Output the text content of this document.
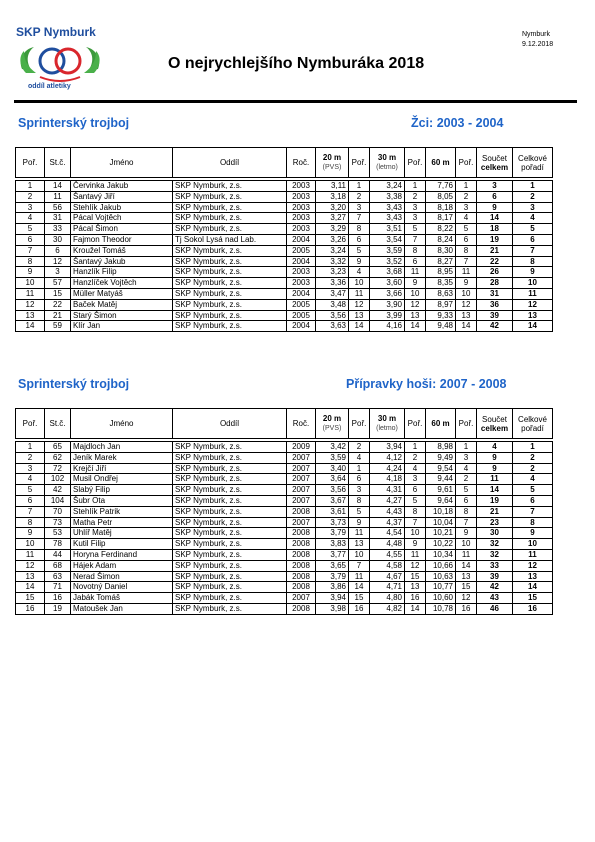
SKP Nymburk
oddíl atletiky
Nymburk
9.12.2018
O nejrychlejšího Nymburáka 2018
Sprinterský trojboj	Žci: 2003 - 2004
Poř.	St.č.	Jméno	Oddíl	Roč.	20 m
(PVS)	Poř.	30 m
(letmo)	Poř.	60 m	Poř.	Součet
celkem	Celkové
pořadí

1	14	Červinka Jakub	SKP Nymburk, z.s.	2003	3,11	1	3,24	1	7,76	1	3	1
2	11	Šantavý Jiří	SKP Nymburk, z.s.	2003	3,18	2	3,38	2	8,05	2	6	2
3	56	Stehlík Jakub	SKP Nymburk, z.s.	2003	3,20	3	3,43	3	8,18	3	9	3
4	31	Pácal Vojtěch	SKP Nymburk, z.s.	2003	3,27	7	3,43	3	8,17	4	14	4
5	33	Pácal Šimon	SKP Nymburk, z.s.	2003	3,29	8	3,51	5	8,22	5	18	5
6	30	Fajmon Theodor	Tj Sokol Lysá nad Lab.	2004	3,26	6	3,54	7	8,24	6	19	6
7	6	Kroužel Tomáš	SKP Nymburk, z.s.	2005	3,24	5	3,59	8	8,30	8	21	7
8	12	Šantavý Jakub	SKP Nymburk, z.s.	2004	3,32	9	3,52	6	8,27	7	22	8
9	3	Hanzlík Filip	SKP Nymburk, z.s.	2003	3,23	4	3,68	11	8,95	11	26	9
10	57	Hanzlíček Vojtěch	SKP Nymburk, z.s.	2003	3,36	10	3,60	9	8,35	9	28	10
11	15	Müller Matyáš	SKP Nymburk, z.s.	2004	3,47	11	3,66	10	8,63	10	31	11
12	22	Baček Matěj	SKP Nymburk, z.s.	2005	3,48	12	3,90	12	8,97	12	36	12
13	21	Starý Šimon	SKP Nymburk, z.s.	2005	3,56	13	3,99	13	9,33	13	39	13
14	59	Klír Jan	SKP Nymburk, z.s.	2004	3,63	14	4,16	14	9,48	14	42	14
Sprinterský trojboj	Přípravky hoši: 2007 - 2008
Poř.	St.č.	Jméno	Oddíl	Roč.	20 m
(PVS)	Poř.	30 m
(letmo)	Poř.	60 m	Poř.	Součet
celkem	Celkové
pořadí

1	65	Majdloch Jan	SKP Nymburk, z.s.	2009	3,42	2	3,94	1	8,98	1	4	1
2	62	Jeník Marek	SKP Nymburk, z.s.	2007	3,59	4	4,12	2	9,49	3	9	2
3	72	Krejčí Jiří	SKP Nymburk, z.s.	2007	3,40	1	4,24	4	9,54	4	9	2
4	102	Musil Ondřej	SKP Nymburk, z.s.	2007	3,64	6	4,18	3	9,44	2	11	4
5	42	Slabý Filip	SKP Nymburk, z.s.	2007	3,56	3	4,31	6	9,61	5	14	5
6	104	Šubr Ota	SKP Nymburk, z.s.	2007	3,67	8	4,27	5	9,64	6	19	6
7	70	Stehlík Patrik	SKP Nymburk, z.s.	2008	3,61	5	4,43	8	10,18	8	21	7
8	73	Matha Petr	SKP Nymburk, z.s.	2007	3,73	9	4,37	7	10,04	7	23	8
9	53	Uhlíř Matěj	SKP Nymburk, z.s.	2008	3,79	11	4,54	10	10,21	9	30	9
10	78	Kutil Filip	SKP Nymburk, z.s.	2008	3,83	13	4,48	9	10,22	10	32	10
11	44	Horyna Ferdinand	SKP Nymburk, z.s.	2008	3,77	10	4,55	11	10,34	11	32	11
12	68	Hájek Adam	SKP Nymburk, z.s.	2008	3,65	7	4,58	12	10,66	14	33	12
13	63	Nerad Šimon	SKP Nymburk, z.s.	2008	3,79	11	4,67	15	10,63	13	39	13
14	71	Novotný Daniel	SKP Nymburk, z.s.	2008	3,86	14	4,71	13	10,77	15	42	14
15	16	Jabák Tomáš	SKP Nymburk, z.s.	2007	3,94	15	4,80	16	10,60	12	43	15
16	19	Matoušek Jan	SKP Nymburk, z.s.	2008	3,98	16	4,82	14	10,78	16	46	16
